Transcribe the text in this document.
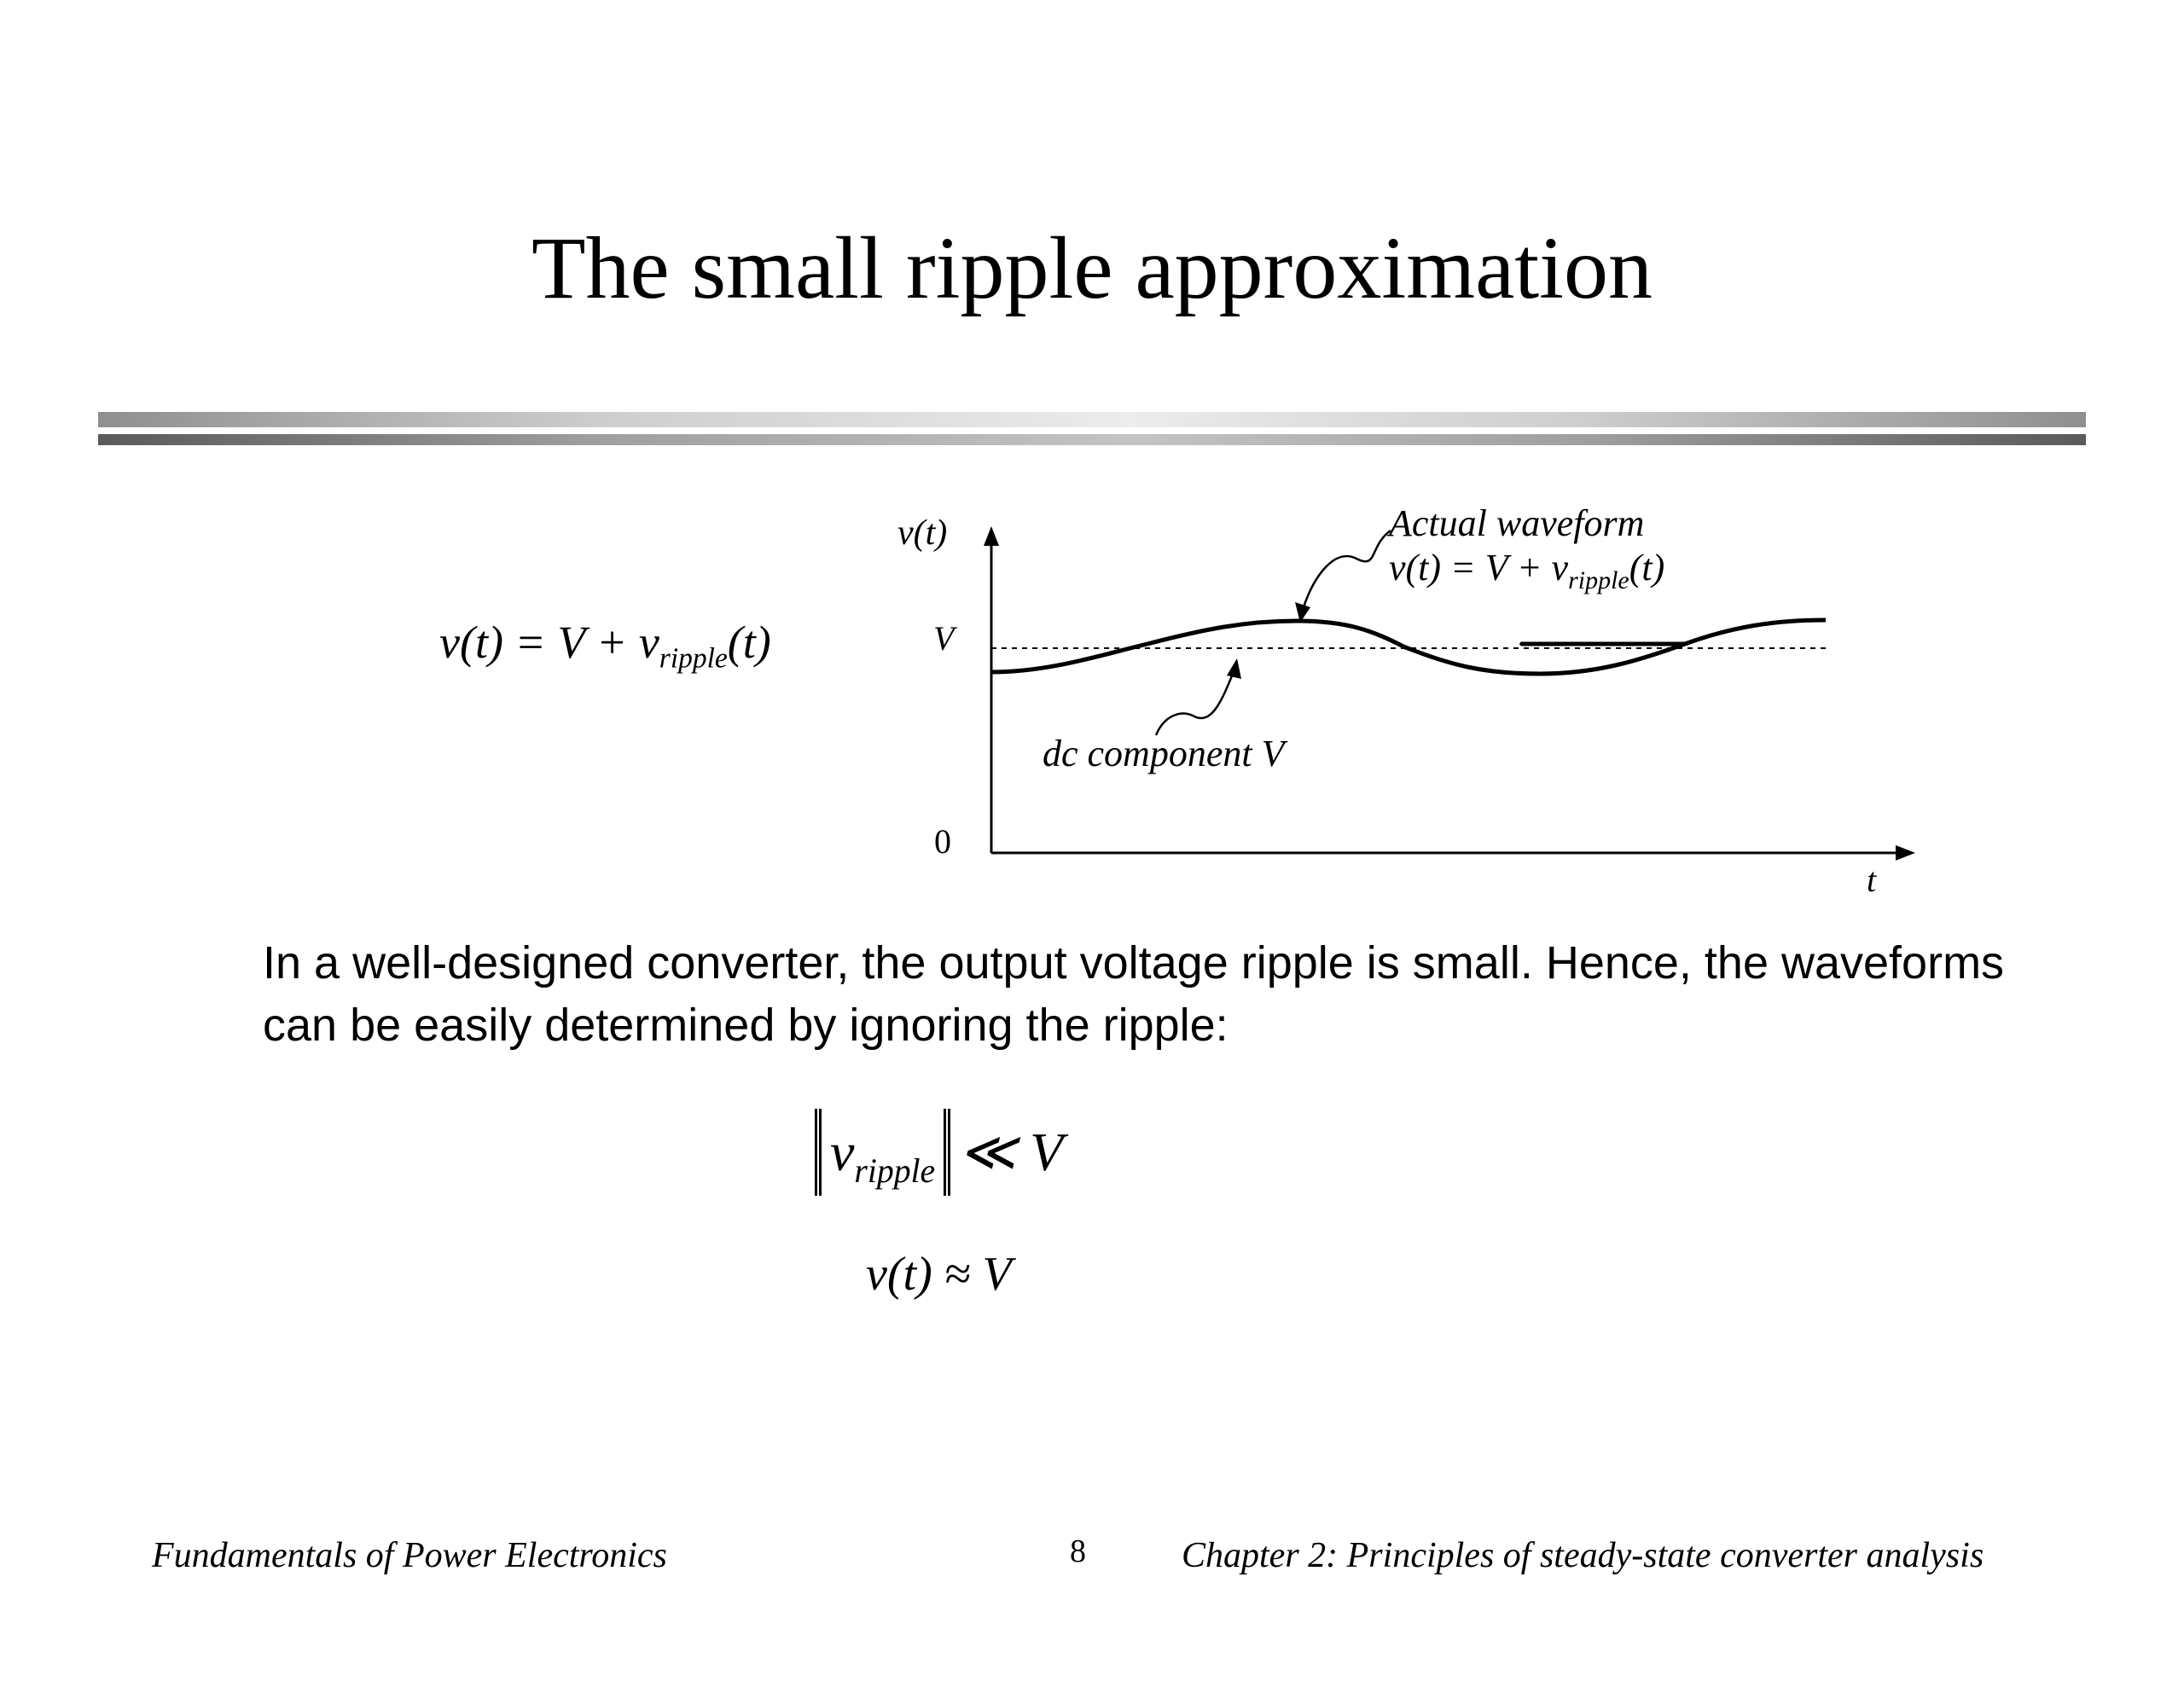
The small ripple approximation
$v(t) = V + v_{ripple}(t)$
v(t)
V
0
t
Actual waveform
$v(t) = V + v_{ripple}(t)$
dc component V
In a well-designed converter, the output voltage ripple is small. Hence, the waveforms can be easily determined by ignoring the ripple:
$v_{ripple}$ ≪ V
v(t) ≈ V
Fundamentals of Power Electronics	8	Chapter 2: Principles of steady-state converter analysis
